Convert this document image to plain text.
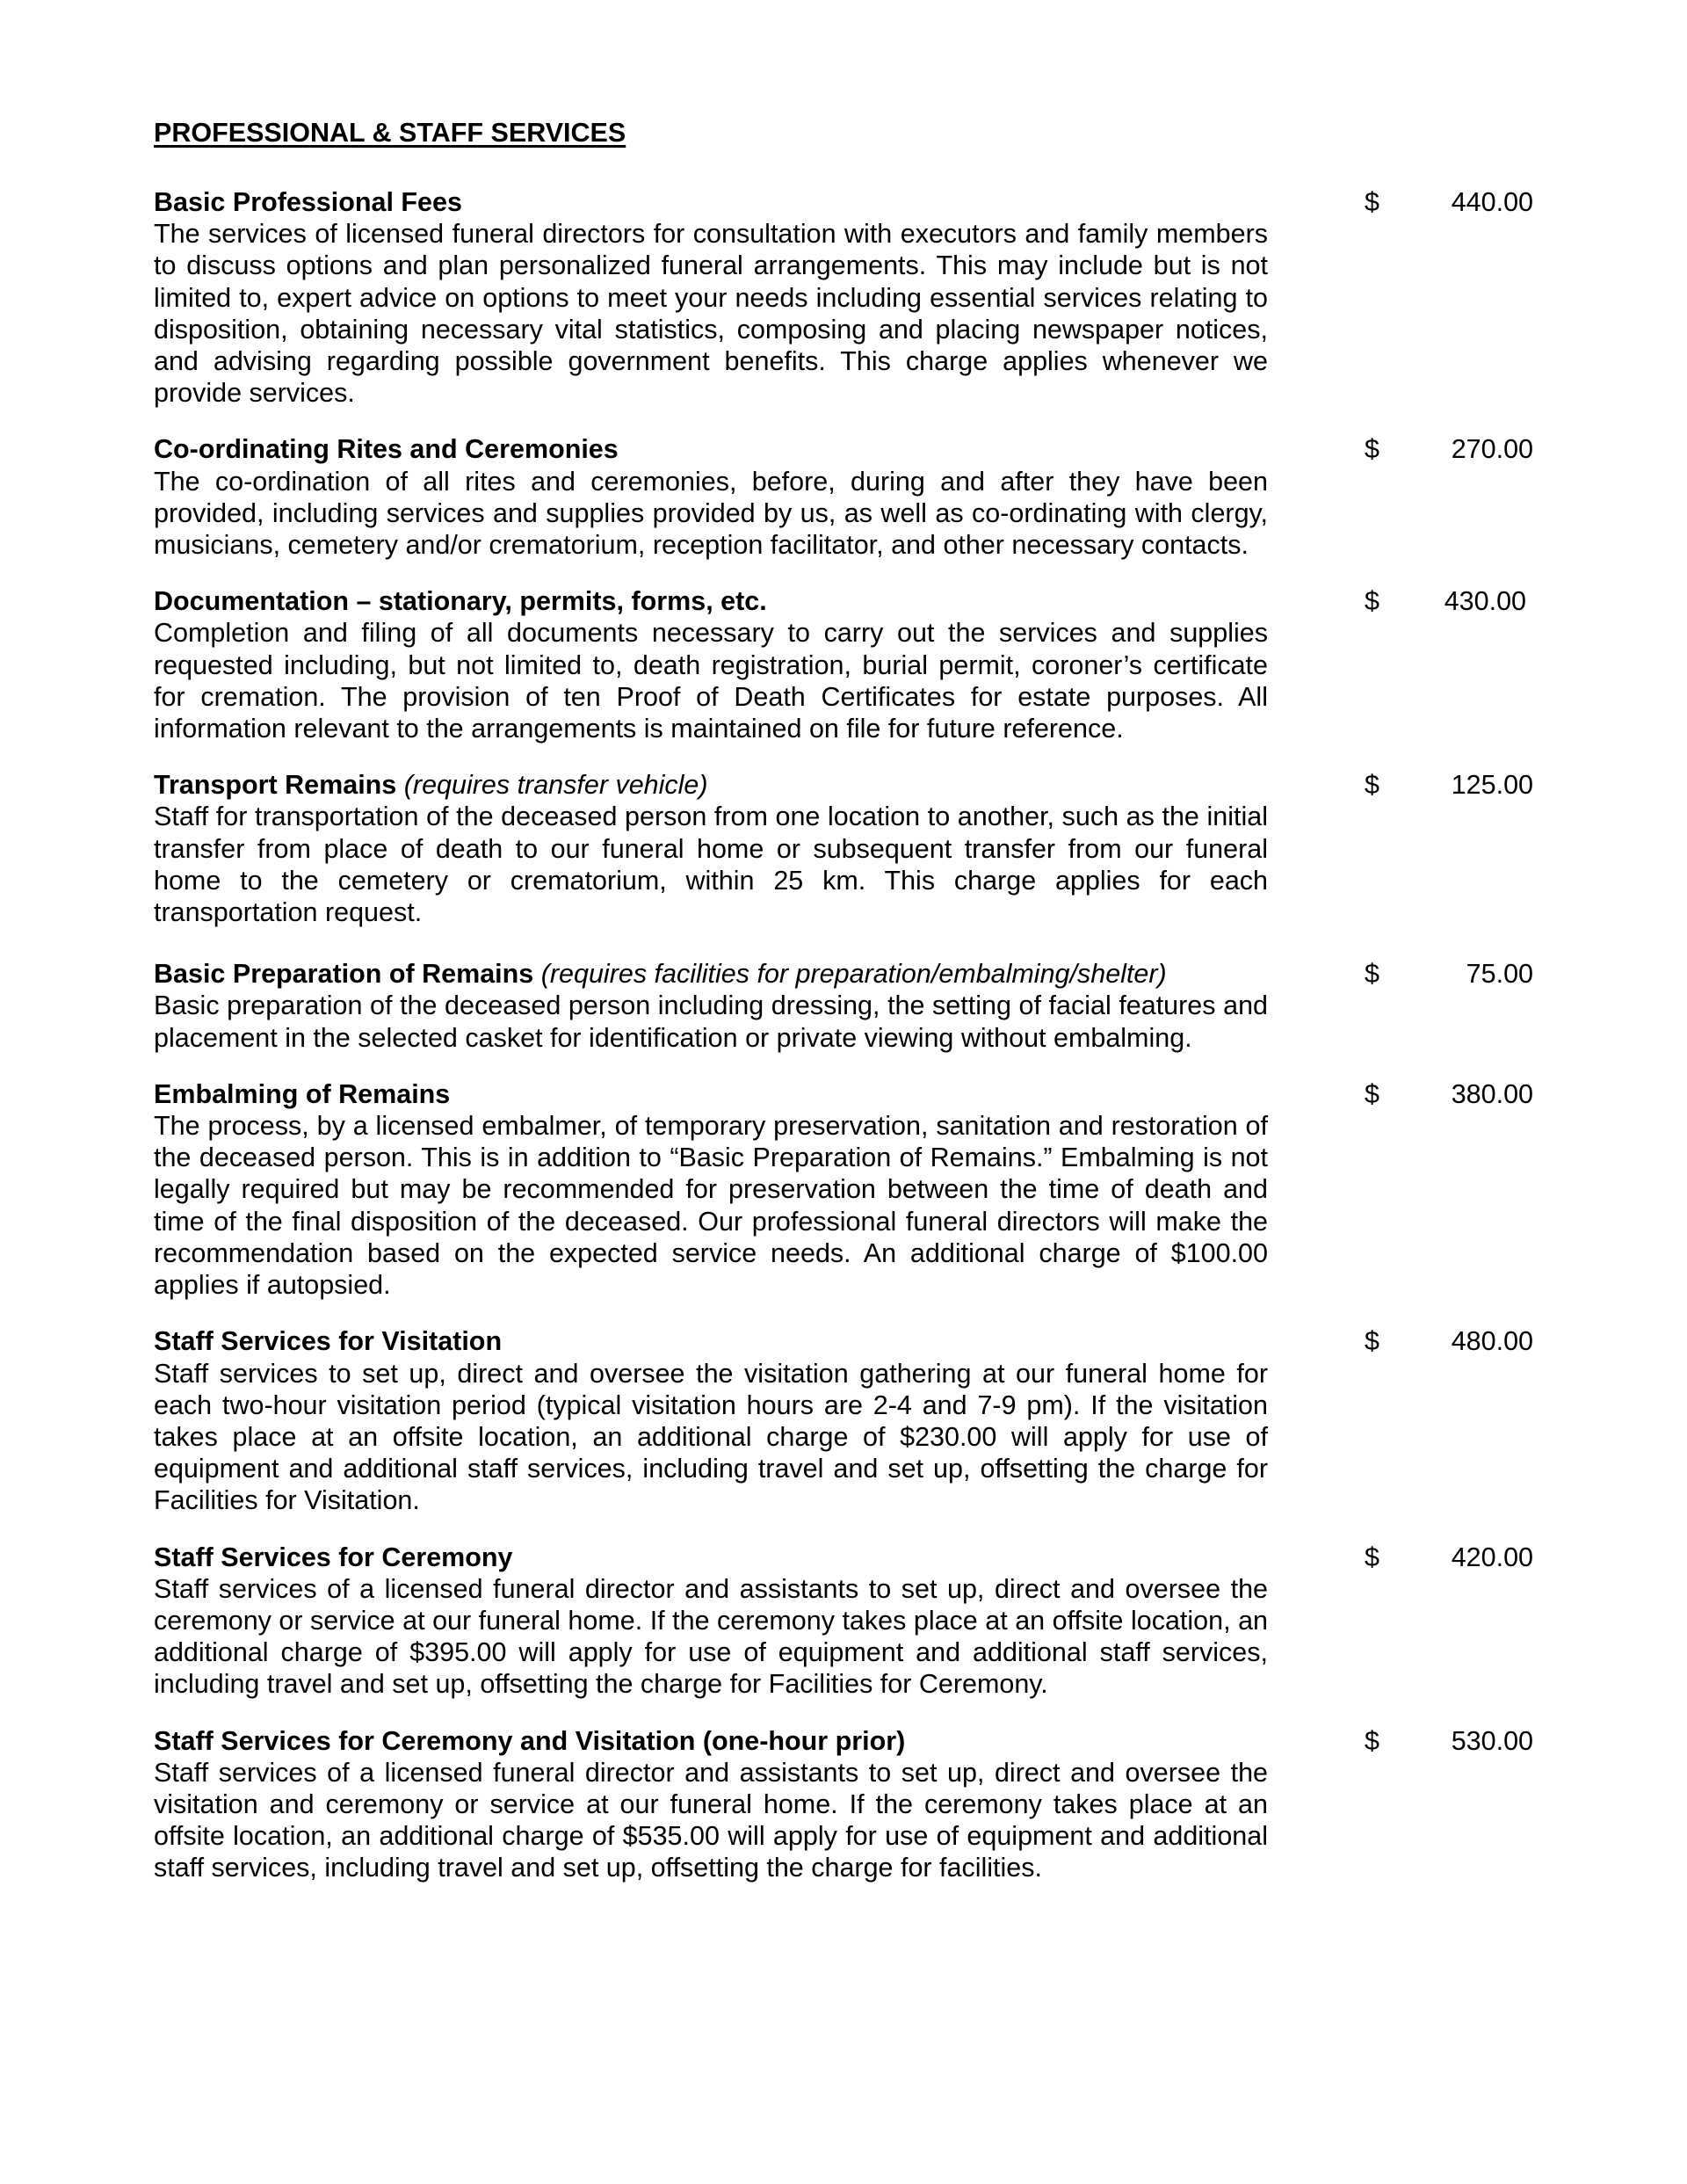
PROFESSIONAL & STAFF SERVICES
Basic Professional Fees
The services of licensed funeral directors for consultation with executors and family members to discuss options and plan personalized funeral arrangements. This may include but is not limited to, expert advice on options to meet your needs including essential services relating to disposition, obtaining necessary vital statistics, composing and placing newspaper notices, and advising regarding possible government benefits. This charge applies whenever we provide services.
$	440.00
Co-ordinating Rites and Ceremonies
The co-ordination of all rites and ceremonies, before, during and after they have been provided, including services and supplies provided by us, as well as co-ordinating with clergy, musicians, cemetery and/or crematorium, reception facilitator, and other necessary contacts.
$	270.00
Documentation – stationary, permits, forms, etc.
Completion and filing of all documents necessary to carry out the services and supplies requested including, but not limited to, death registration, burial permit, coroner’s certificate for cremation. The provision of ten Proof of Death Certificates for estate purposes. All information relevant to the arrangements is maintained on file for future reference.
$ 430.00
Transport Remains (requires transfer vehicle)
Staff for transportation of the deceased person from one location to another, such as the initial transfer from place of death to our funeral home or subsequent transfer from our funeral home to the cemetery or crematorium, within 25 km. This charge applies for each transportation request.
$	125.00
Basic Preparation of Remains (requires facilities for preparation/embalming/shelter)
Basic preparation of the deceased person including dressing, the setting of facial features and placement in the selected casket for identification or private viewing without embalming.
$	75.00
Embalming of Remains
The process, by a licensed embalmer, of temporary preservation, sanitation and restoration of the deceased person. This is in addition to “Basic Preparation of Remains.” Embalming is not legally required but may be recommended for preservation between the time of death and time of the final disposition of the deceased. Our professional funeral directors will make the recommendation based on the expected service needs. An additional charge of $100.00 applies if autopsied.
$	380.00
Staff Services for Visitation
Staff services to set up, direct and oversee the visitation gathering at our funeral home for each two-hour visitation period (typical visitation hours are 2-4 and 7-9 pm). If the visitation takes place at an offsite location, an additional charge of $230.00 will apply for use of equipment and additional staff services, including travel and set up, offsetting the charge for Facilities for Visitation.
$	480.00
Staff Services for Ceremony
Staff services of a licensed funeral director and assistants to set up, direct and oversee the ceremony or service at our funeral home. If the ceremony takes place at an offsite location, an additional charge of $395.00 will apply for use of equipment and additional staff services, including travel and set up, offsetting the charge for Facilities for Ceremony.
$	420.00
Staff Services for Ceremony and Visitation (one-hour prior)
Staff services of a licensed funeral director and assistants to set up, direct and oversee the visitation and ceremony or service at our funeral home. If the ceremony takes place at an offsite location, an additional charge of $535.00 will apply for use of equipment and additional staff services, including travel and set up, offsetting the charge for facilities.
$	530.00
